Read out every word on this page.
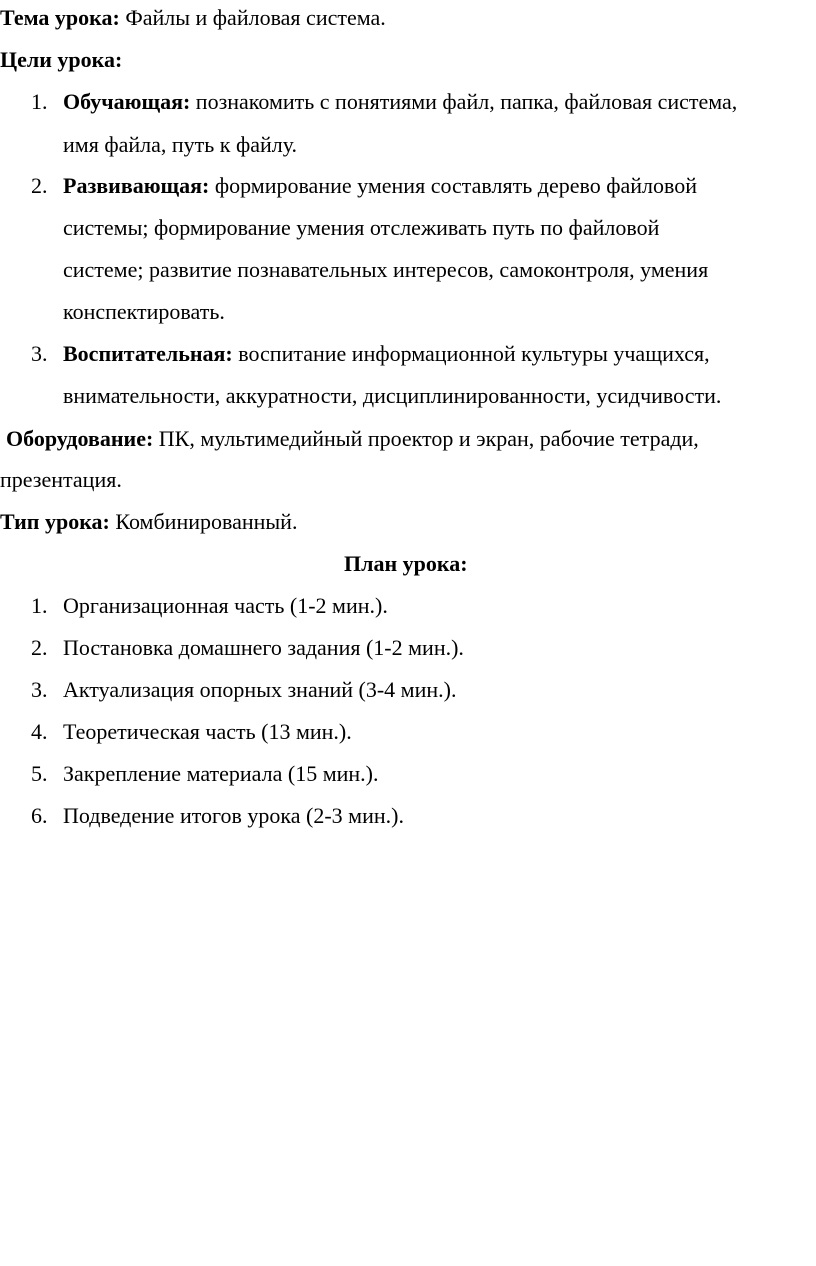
Тема урока: Файлы и файловая система.
Цели урока:
1. Обучающая: познакомить с понятиями файл, папка, файловая система,
имя файла, путь к файлу.
2. Развивающая: формирование умения составлять дерево файловой
системы; формирование умения отслеживать путь по файловой
системе; развитие познавательных интересов, самоконтроля, умения
конспектировать.
3. Воспитательная: воспитание информационной культуры учащихся,
внимательности, аккуратности, дисциплинированности, усидчивости.
Оборудование: ПК, мультимедийный проектор и экран, рабочие тетради,
презентация.
Тип урока: Комбинированный.
План урока:
1. Организационная часть (1-2 мин.).
2. Постановка домашнего задания (1-2 мин.).
3. Актуализация опорных знаний (3-4 мин.).
4. Теоретическая часть (13 мин.).
5. Закрепление материала (15 мин.).
6. Подведение итогов урока (2-3 мин.).
